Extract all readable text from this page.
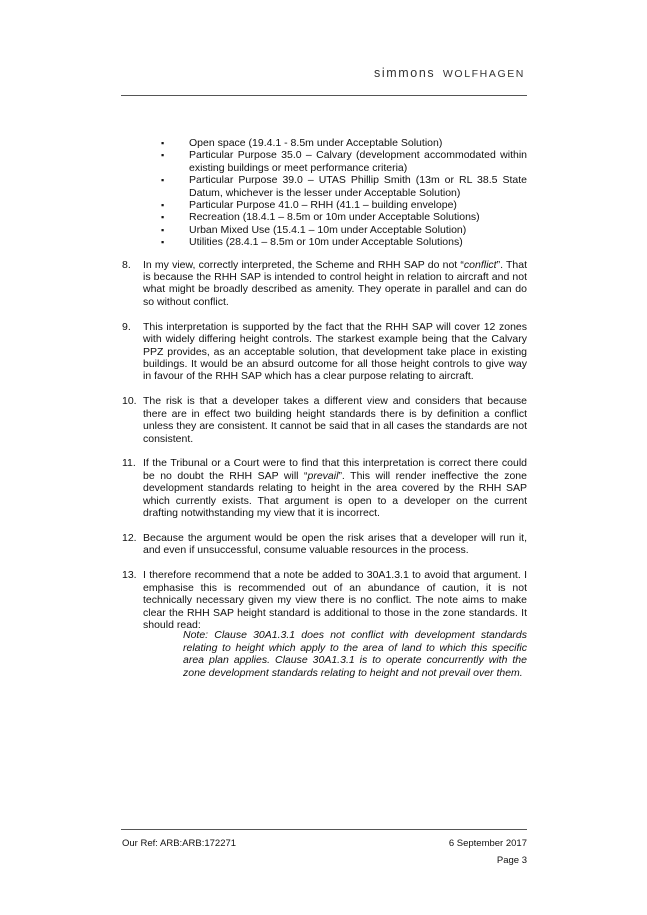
simmons WOLFHAGEN
▪ Open space (19.4.1 - 8.5m under Acceptable Solution)
▪ Particular Purpose 35.0 – Calvary (development accommodated within existing buildings or meet performance criteria)
▪ Particular Purpose 39.0 – UTAS Phillip Smith (13m or RL 38.5 State Datum, whichever is the lesser under Acceptable Solution)
▪ Particular Purpose 41.0 – RHH (41.1 – building envelope)
▪ Recreation (18.4.1 – 8.5m or 10m under Acceptable Solutions)
▪ Urban Mixed Use (15.4.1 – 10m under Acceptable Solution)
▪ Utilities (28.4.1 – 8.5m or 10m under Acceptable Solutions)
8. In my view, correctly interpreted, the Scheme and RHH SAP do not “conflict”. That is because the RHH SAP is intended to control height in relation to aircraft and not what might be broadly described as amenity. They operate in parallel and can do so without conflict.
9. This interpretation is supported by the fact that the RHH SAP will cover 12 zones with widely differing height controls. The starkest example being that the Calvary PPZ provides, as an acceptable solution, that development take place in existing buildings. It would be an absurd outcome for all those height controls to give way in favour of the RHH SAP which has a clear purpose relating to aircraft.
10. The risk is that a developer takes a different view and considers that because there are in effect two building height standards there is by definition a conflict unless they are consistent. It cannot be said that in all cases the standards are not consistent.
11. If the Tribunal or a Court were to find that this interpretation is correct there could be no doubt the RHH SAP will “prevail”. This will render ineffective the zone development standards relating to height in the area covered by the RHH SAP which currently exists. That argument is open to a developer on the current drafting notwithstanding my view that it is incorrect.
12. Because the argument would be open the risk arises that a developer will run it, and even if unsuccessful, consume valuable resources in the process.
13. I therefore recommend that a note be added to 30A1.3.1 to avoid that argument. I emphasise this is recommended out of an abundance of caution, it is not technically necessary given my view there is no conflict. The note aims to make clear the RHH SAP height standard is additional to those in the zone standards. It should read:
Note: Clause 30A1.3.1 does not conflict with development standards relating to height which apply to the area of land to which this specific area plan applies. Clause 30A1.3.1 is to operate concurrently with the zone development standards relating to height and not prevail over them.
Our Ref: ARB:ARB:172271	6 September 2017
Page 3
